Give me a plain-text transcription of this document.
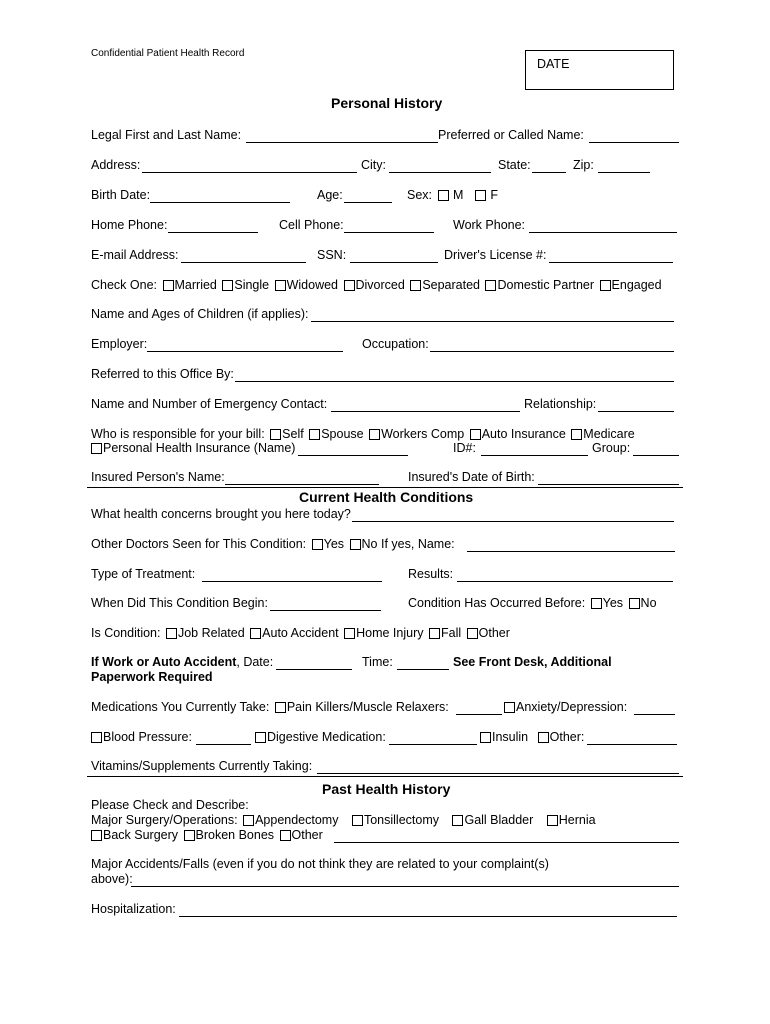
Confidential Patient Health Record
DATE
Personal History
Legal First and Last Name:	Preferred or Called Name:
Address:	City:	State:	Zip:
Birth Date:	Age:	Sex: M F
Home Phone:	Cell Phone:	Work Phone:
E-mail Address:	SSN:	Driver's License #:
Check One: Married Single Widowed Divorced Separated Domestic Partner Engaged
Name and Ages of Children (if applies):
Employer:	Occupation:
Referred to this Office By:
Name and Number of Emergency Contact:	Relationship:
Who is responsible for your bill: Self Spouse Workers Comp Auto Insurance Medicare
Personal Health Insurance (Name)	ID#:	Group:
Insured Person's Name:	Insured's Date of Birth:
Current Health Conditions
What health concerns brought you here today?
Other Doctors Seen for This Condition: Yes No If yes, Name:
Type of Treatment:	Results:
When Did This Condition Begin:	Condition Has Occurred Before: Yes No
Is Condition: Job Related Auto Accident Home Injury Fall Other
If Work or Auto Accident, Date:	Time:	See Front Desk, Additional
Paperwork Required
Medications You Currently Take: Pain Killers/Muscle Relaxers:	Anxiety/Depression:
Blood Pressure:	Digestive Medication:	Insulin Other:
Vitamins/Supplements Currently Taking:
Past Health History
Please Check and Describe:
Major Surgery/Operations: Appendectomy Tonsillectomy Gall Bladder Hernia
Back Surgery Broken Bones Other
Major Accidents/Falls (even if you do not think they are related to your complaint(s)
above):
Hospitalization:
